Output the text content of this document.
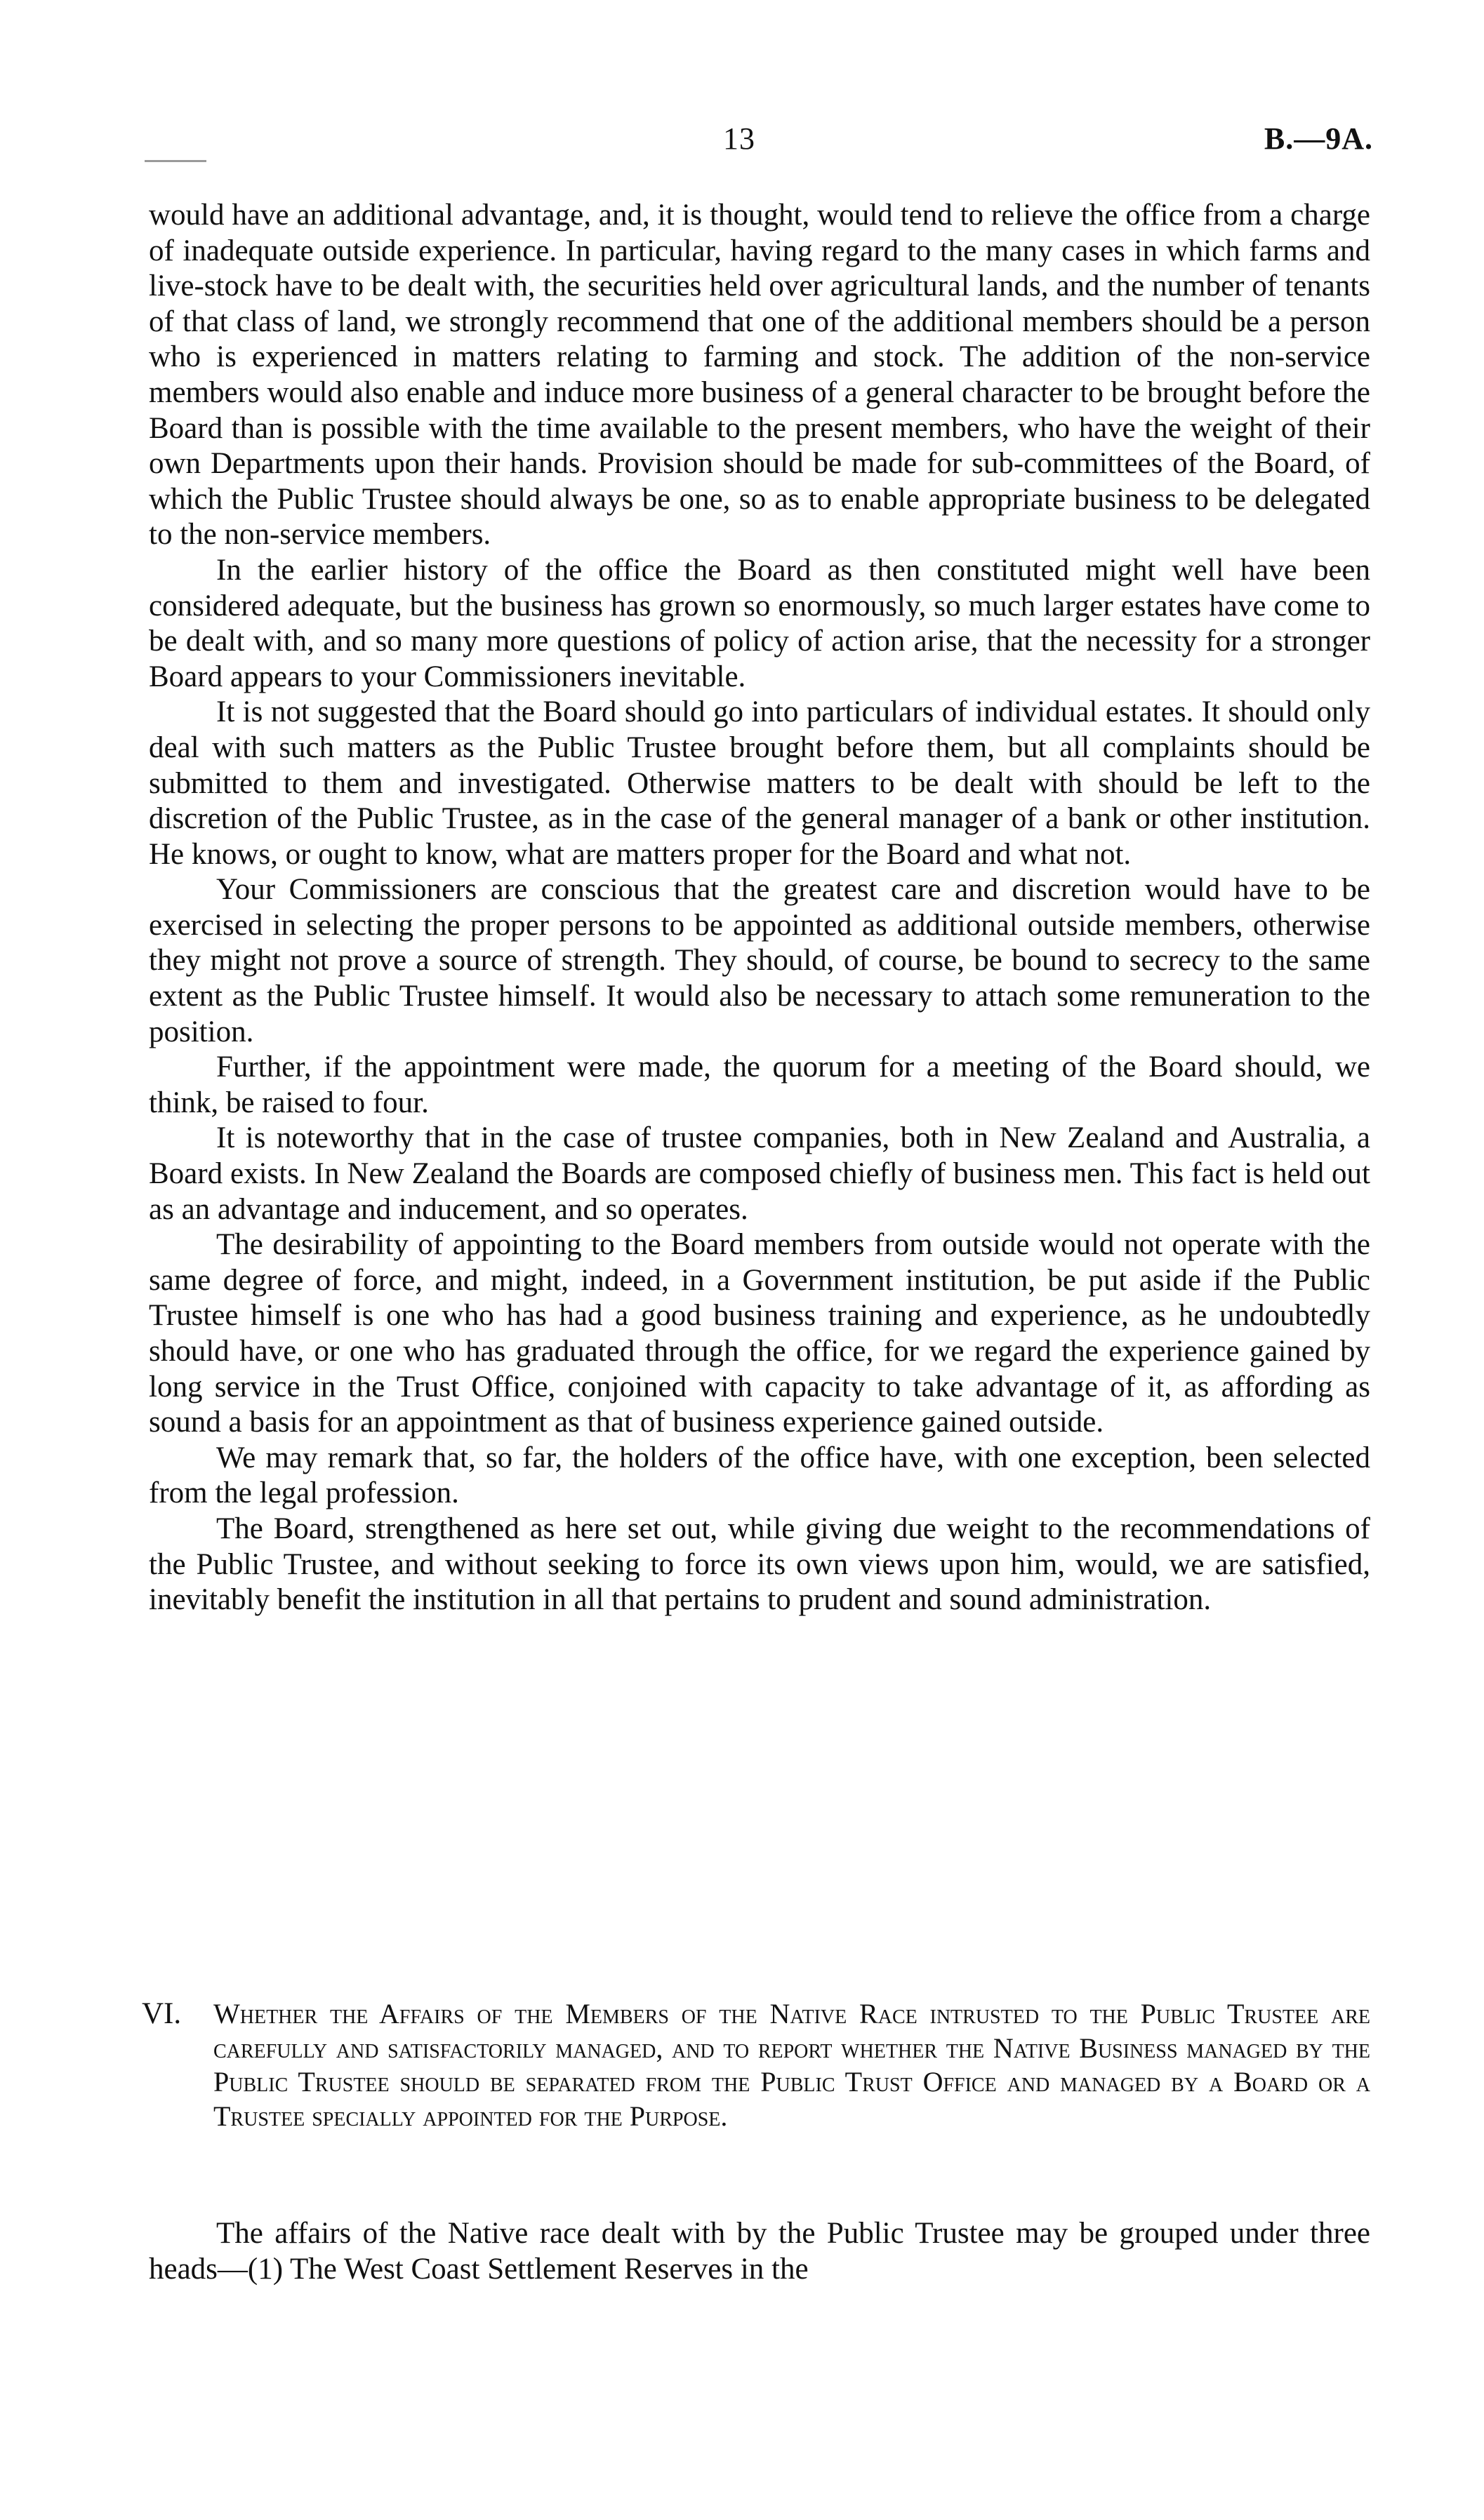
13	B.—9A.

would have an additional advantage, and, it is thought, would tend to relieve the office from a charge of inadequate outside experience. In particular, having regard to the many cases in which farms and live-stock have to be dealt with, the securities held over agricultural lands, and the number of tenants of that class of land, we strongly recommend that one of the additional members should be a person who is experienced in matters relating to farming and stock. The addition of the non-service members would also enable and induce more business of a general character to be brought before the Board than is possible with the time available to the present members, who have the weight of their own Departments upon their hands. Provision should be made for sub-committees of the Board, of which the Public Trustee should always be one, so as to enable appropriate business to be delegated to the non-service members.

In the earlier history of the office the Board as then constituted might well have been considered adequate, but the business has grown so enormously, so much larger estates have come to be dealt with, and so many more questions of policy of action arise, that the necessity for a stronger Board appears to your Commissioners inevitable.

It is not suggested that the Board should go into particulars of individual estates. It should only deal with such matters as the Public Trustee brought before them, but all complaints should be submitted to them and investigated. Otherwise matters to be dealt with should be left to the discretion of the Public Trustee, as in the case of the general manager of a bank or other institution. He knows, or ought to know, what are matters proper for the Board and what not.

Your Commissioners are conscious that the greatest care and discretion would have to be exercised in selecting the proper persons to be appointed as additional outside members, otherwise they might not prove a source of strength. They should, of course, be bound to secrecy to the same extent as the Public Trustee himself. It would also be necessary to attach some remuneration to the position.

Further, if the appointment were made, the quorum for a meeting of the Board should, we think, be raised to four.

It is noteworthy that in the case of trustee companies, both in New Zealand and Australia, a Board exists. In New Zealand the Boards are composed chiefly of business men. This fact is held out as an advantage and inducement, and so operates.

The desirability of appointing to the Board members from outside would not operate with the same degree of force, and might, indeed, in a Government institution, be put aside if the Public Trustee himself is one who has had a good business training and experience, as he undoubtedly should have, or one who has graduated through the office, for we regard the experience gained by long service in the Trust Office, conjoined with capacity to take advantage of it, as affording as sound a basis for an appointment as that of business experience gained outside.

We may remark that, so far, the holders of the office have, with one exception, been selected from the legal profession.

The Board, strengthened as here set out, while giving due weight to the recommendations of the Public Trustee, and without seeking to force its own views upon him, would, we are satisfied, inevitably benefit the institution in all that pertains to prudent and sound administration.

VI. Whether the Affairs of the Members of the Native Race intrusted to the Public Trustee are carefully and satisfactorily managed, and to report whether the Native Business managed by the Public Trustee should be separated from the Public Trust Office and managed by a Board or a Trustee specially appointed for the Purpose.

The affairs of the Native race dealt with by the Public Trustee may be grouped under three heads—(1) The West Coast Settlement Reserves in the
